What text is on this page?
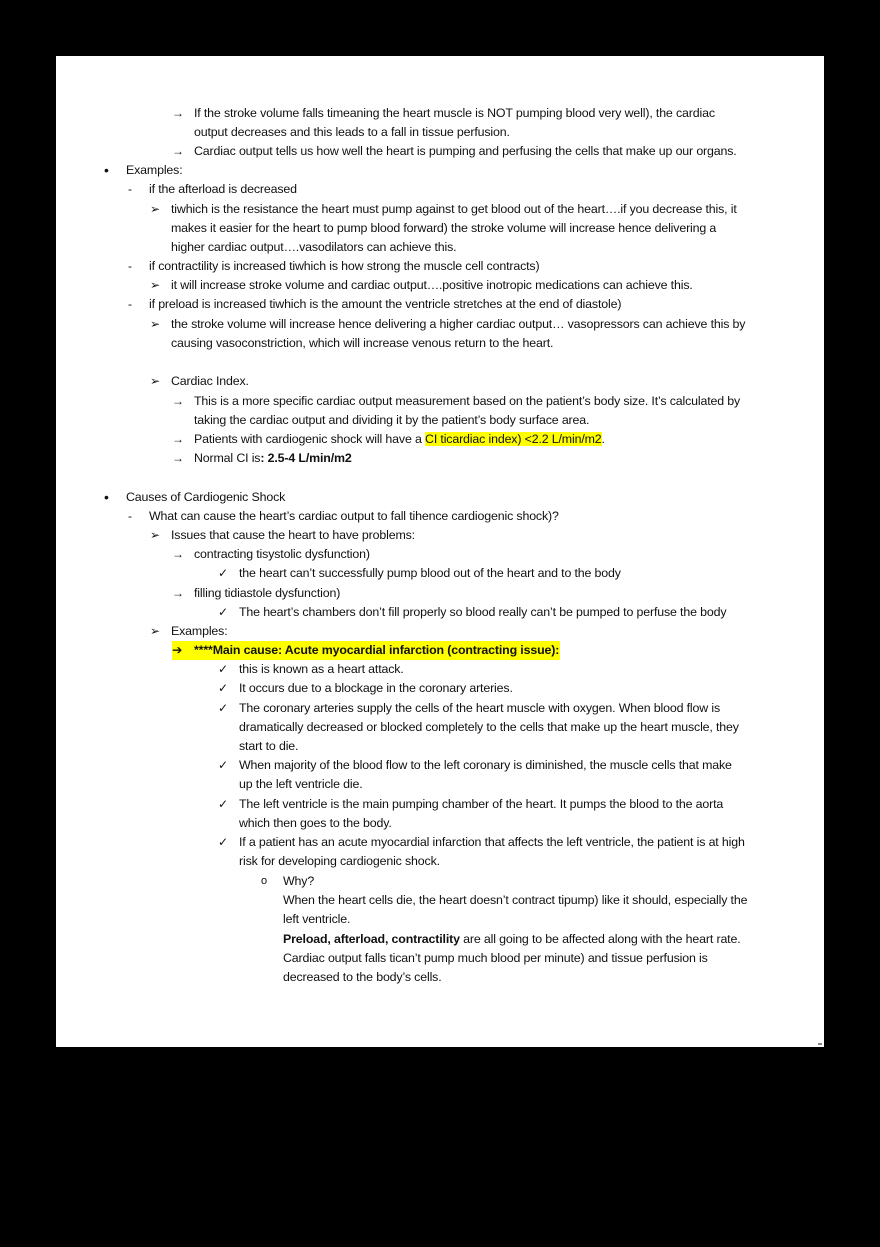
→ If the stroke volume falls timeaning the heart muscle is NOT pumping blood very well), the cardiac
output decreases and this leads to a fall in tissue perfusion.
→ Cardiac output tells us how well the heart is pumping and perfusing the cells that make up our organs.
• Examples:
- if the afterload is decreased
➢ tiwhich is the resistance the heart must pump against to get blood out of the heart….if you decrease this, it
makes it easier for the heart to pump blood forward) the stroke volume will increase hence delivering a
higher cardiac output….vasodilators can achieve this.
- if contractility is increased tiwhich is how strong the muscle cell contracts)
➢ it will increase stroke volume and cardiac output….positive inotropic medications can achieve this.
- if preload is increased tiwhich is the amount the ventricle stretches at the end of diastole)
➢ the stroke volume will increase hence delivering a higher cardiac output… vasopressors can achieve this by
causing vasoconstriction, which will increase venous return to the heart.
➢ Cardiac Index.
→ This is a more specific cardiac output measurement based on the patient’s body size. It’s calculated by
taking the cardiac output and dividing it by the patient’s body surface area.
→ Patients with cardiogenic shock will have a CI ticardiac index) <2.2 L/min/m2.
→ Normal CI is: 2.5-4 L/min/m2
• Causes of Cardiogenic Shock
- What can cause the heart’s cardiac output to fall tihence cardiogenic shock)?
➢ Issues that cause the heart to have problems:
→ contracting tisystolic dysfunction)
✓ the heart can’t successfully pump blood out of the heart and to the body
→ filling tidiastole dysfunction)
✓ The heart’s chambers don’t fill properly so blood really can’t be pumped to perfuse the body
➢ Examples:
➔ ****Main cause: Acute myocardial infarction (contracting issue):
✓ this is known as a heart attack.
✓ It occurs due to a blockage in the coronary arteries.
✓ The coronary arteries supply the cells of the heart muscle with oxygen. When blood flow is
dramatically decreased or blocked completely to the cells that make up the heart muscle, they
start to die.
✓ When majority of the blood flow to the left coronary is diminished, the muscle cells that make
up the left ventricle die.
✓ The left ventricle is the main pumping chamber of the heart. It pumps the blood to the aorta
which then goes to the body.
✓ If a patient has an acute myocardial infarction that affects the left ventricle, the patient is at high
risk for developing cardiogenic shock.
o Why?
When the heart cells die, the heart doesn’t contract tipump) like it should, especially the
left ventricle.
Preload, afterload, contractility are all going to be affected along with the heart rate.
Cardiac output falls tican’t pump much blood per minute) and tissue perfusion is
decreased to the body’s cells.
